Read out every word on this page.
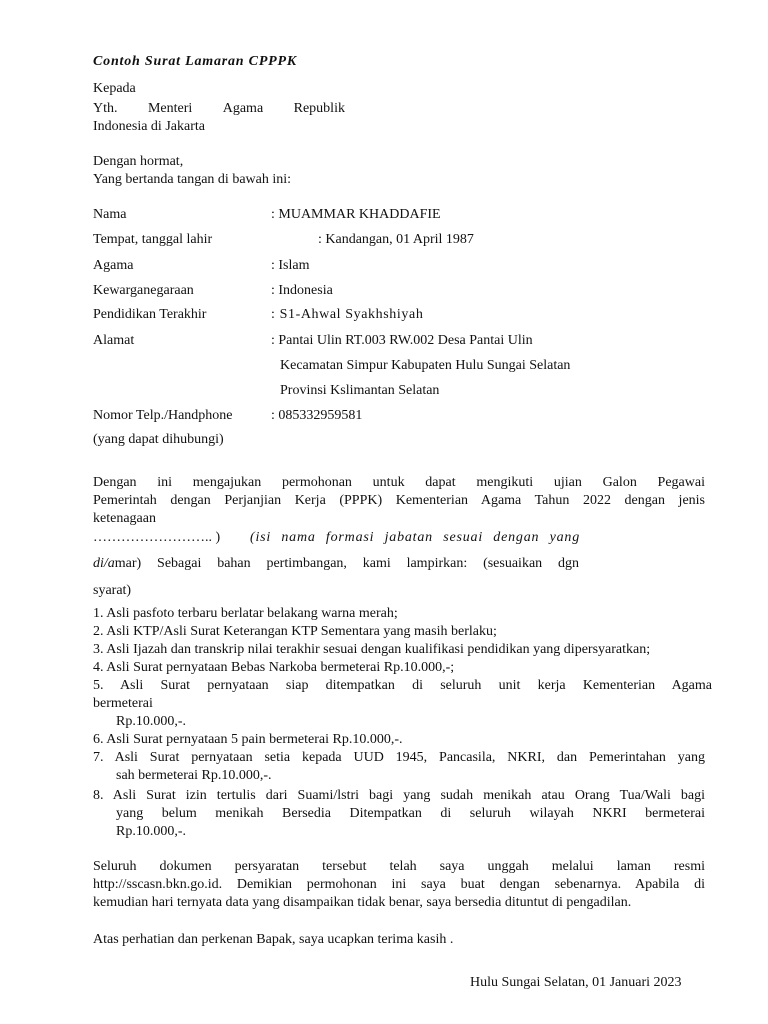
Contoh Surat Lamaran CPPPK
Kepada
Yth. Menteri Agama Republik
Indonesia di Jakarta
Dengan hormat,
Yang bertanda tangan di bawah ini:
Nama	: MUAMMAR KHADDAFIE
Tempat, tanggal lahir	: Kandangan, 01 April 1987
Agama	: Islam
Kewarganegaraan	: Indonesia
Pendidikan Terakhir	: S1-Ahwal Syakhshiyah
Alamat	: Pantai Ulin RT.003 RW.002 Desa Pantai Ulin
Kecamatan Simpur Kabupaten Hulu Sungai Selatan
Provinsi Kslimantan Selatan
Nomor Telp./Handphone	: 085332959581
(yang dapat dihubungi)
Dengan ini mengajukan permohonan untuk dapat mengikuti ujian Galon Pegawai
Pemerintah dengan Perjanjian Kerja (PPPK) Kementerian Agama Tahun 2022 dengan jenis
ketenagaan
…………………….. ) (isi nama formasi jabatan sesuai dengan yang
di/a mar) Sebagai bahan pertimbangan, kami lampirkan: (sesuaikan dgn
syarat)
1. Asli pasfoto terbaru berlatar belakang warna merah;
2. Asli KTP/Asli Surat Keterangan KTP Sementara yang masih berlaku;
3. Asli Ijazah dan transkrip nilai terakhir sesuai dengan kualifikasi pendidikan yang dipersyaratkan;
4. Asli Surat pernyataan Bebas Narkoba bermeterai Rp.10.000,-;
5. Asli Surat pernyataan siap ditempatkan di seluruh unit kerja Kementerian Agama
bermeterai
Rp.10.000,-.
6. Asli Surat pernyataan 5 pain bermeterai Rp.10.000,-.
7. Asli Surat pernyataan setia kepada UUD 1945, Pancasila, NKRI, dan Pemerintahan yang
sah bermeterai Rp.10.000,-.
8. Asli Surat izin tertulis dari Suami/lstri bagi yang sudah menikah atau Orang Tua/Wali bagi
yang belum menikah Bersedia Ditempatkan di seluruh wilayah NKRI bermeterai
Rp.10.000,-.
Seluruh dokumen persyaratan tersebut telah saya unggah melalui laman resmi
http://sscasn.bkn.go.id. Demikian permohonan ini saya buat dengan sebenarnya. Apabila di
kemudian hari ternyata data yang disampaikan tidak benar, saya bersedia dituntut di pengadilan.
Atas perhatian dan perkenan Bapak, saya ucapkan terima kasih .
Hulu Sungai Selatan, 01 Januari 2023
